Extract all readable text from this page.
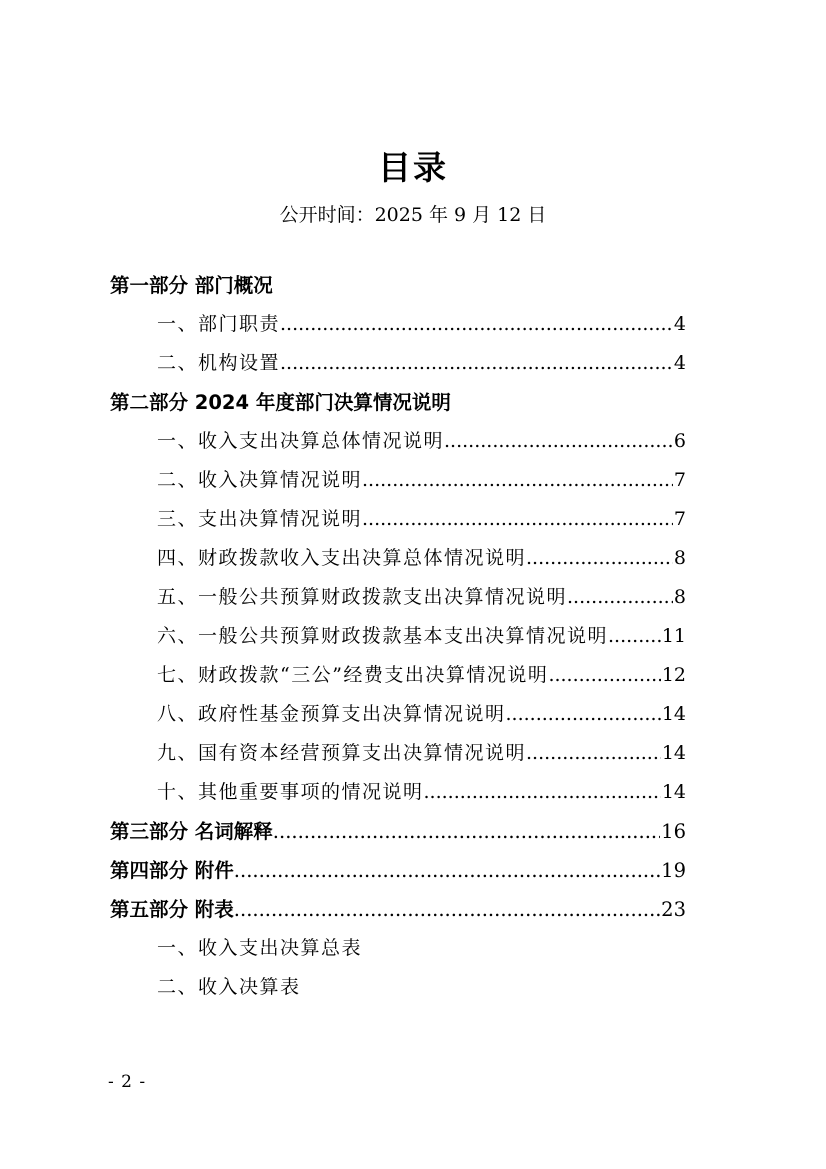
目录
公开时间：2025 年 9 月 12 日
第一部分 部门概况
一、部门职责 .....	4
二、机构设置 .....	4
第二部分 2024 年度部门决算情况说明
一、收入支出决算总体情况说明 .....	6
二、收入决算情况说明 .....	7
三、支出决算情况说明 .....	7
四、财政拨款收入支出决算总体情况说明 .....	8
五、一般公共预算财政拨款支出决算情况说明 .....	8
六、一般公共预算财政拨款基本支出决算情况说明 .....	11
七、财政拨款“三公”经费支出决算情况说明 .....	12
八、政府性基金预算支出决算情况说明 .....	14
九、国有资本经营预算支出决算情况说明 .....	14
十、其他重要事项的情况说明 .....	14
第三部分 名词解释 .....	16
第四部分 附件 .....	19
第五部分 附表 .....	23
一、收入支出决算总表
二、收入决算表
- 2 -
